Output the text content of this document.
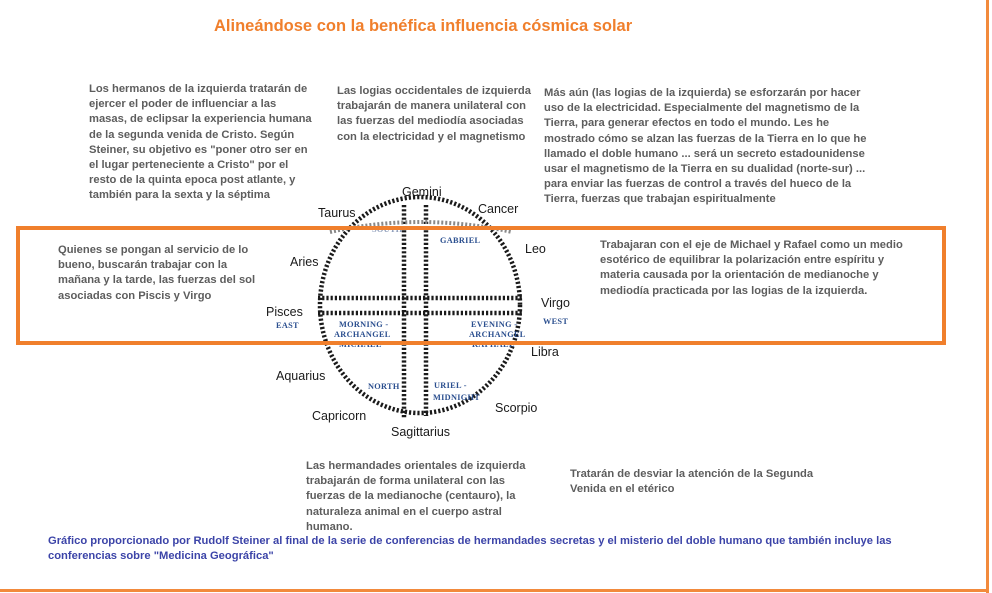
Alineándose con la benéfica influencia cósmica solar

Los hermanos de la izquierda tratarán de ejercer el poder de influenciar a las masas, de eclipsar la experiencia humana de la segunda venida de Cristo. Según Steiner, su objetivo es "poner otro ser en el lugar perteneciente a Cristo" por el resto de la quinta epoca post atlante, y también para la sexta y la séptima

Las logias occidentales de izquierda trabajarán de manera unilateral con las fuerzas del mediodía asociadas con la electricidad y el magnetismo

Más aún (las logias de la izquierda) se esforzarán por hacer uso de la electricidad. Especialmente del magnetismo de la Tierra, para generar efectos en todo el mundo. Les he mostrado cómo se alzan las fuerzas de la Tierra en lo que he llamado el doble humano ... será un secreto estadounidense usar el magnetismo de la Tierra en su dualidad (norte-sur) ... para enviar las fuerzas de control a través del hueco de la Tierra, fuerzas que trabajan espiritualmente

Quienes se pongan al servicio de lo bueno, buscarán trabajar con la mañana y la tarde, las fuerzas del sol asociadas con Piscis y Virgo

Trabajaran con el eje de Michael y Rafael como un medio esotérico de equilibrar la polarización entre espíritu y materia causada por la orientación de medianoche y mediodía practicada por las logias de la izquierda.

Las hermandades orientales de izquierda trabajarán de forma unilateral con las fuerzas de la medianoche (centauro), la naturaleza animal en el cuerpo astral humano.

Tratarán de desviar la atención de la Segunda Venida en el etérico

Gemini
Taurus	Cancer
Aries
Leo
Pisces
Virgo
Aquarius
Libra
Capricorn
Scorpio
Sagittarius
EAST	WEST
NORTH
SOUTH
GABRIEL
MORNING -
ARCHANGEL
MICHAEL
EVENING -
ARCHANGEL
RAPHAEL
URIEL -
MIDNIGHT
Gráfico proporcionado por Rudolf Steiner al final de la serie de conferencias de hermandades secretas y el misterio del doble humano que también incluye las conferencias sobre "Medicina Geográfica"
